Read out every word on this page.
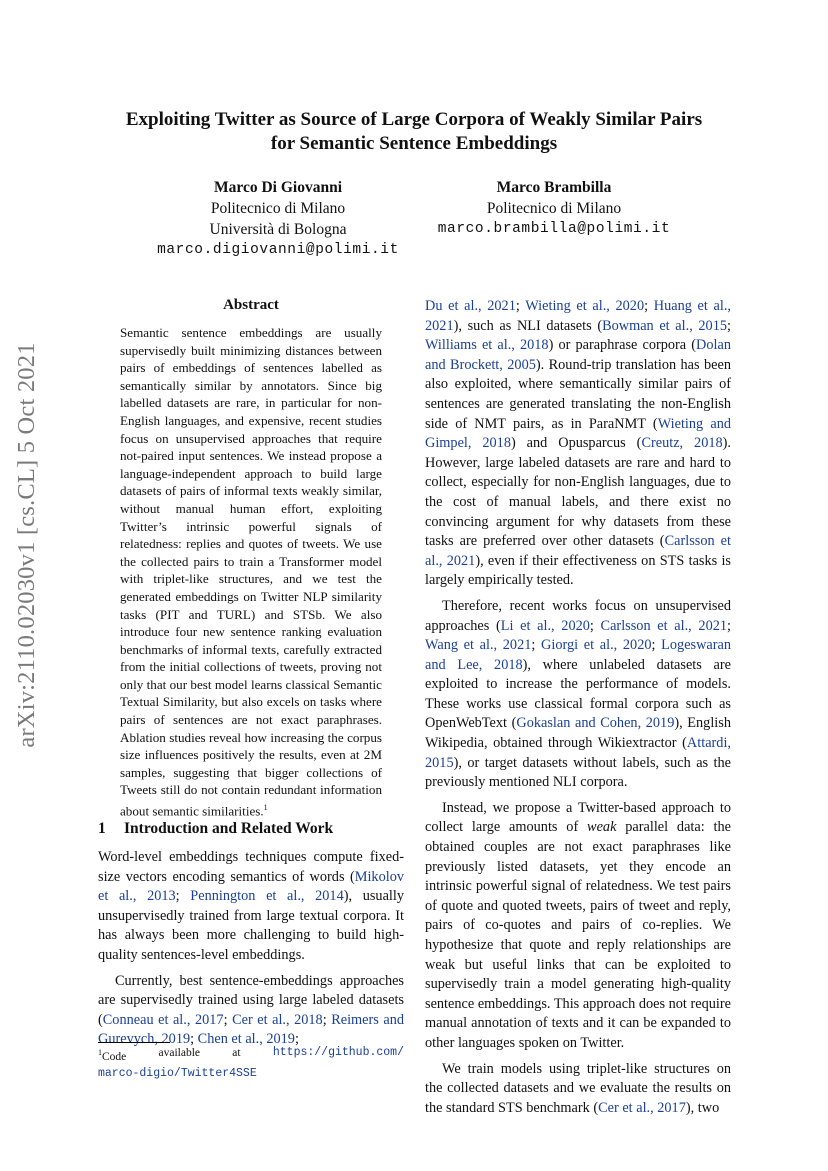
arXiv:2110.02030v1 [cs.CL] 5 Oct 2021
Exploiting Twitter as Source of Large Corpora of Weakly Similar Pairs
for Semantic Sentence Embeddings
Marco Di Giovanni
Politecnico di Milano
Università di Bologna
marco.digiovanni@polimi.it
Marco Brambilla
Politecnico di Milano
marco.brambilla@polimi.it
Abstract
Semantic sentence embeddings are usually supervisedly built minimizing distances between pairs of embeddings of sentences labelled as semantically similar by annotators. Since big labelled datasets are rare, in particular for non-English languages, and expensive, recent studies focus on unsupervised approaches that require not-paired input sentences. We instead propose a language-independent approach to build large datasets of pairs of informal texts weakly similar, without manual human effort, exploiting Twitter’s intrinsic powerful signals of relatedness: replies and quotes of tweets. We use the collected pairs to train a Transformer model with triplet-like structures, and we test the generated embeddings on Twitter NLP similarity tasks (PIT and TURL) and STSb. We also introduce four new sentence ranking evaluation benchmarks of informal texts, carefully extracted from the initial collections of tweets, proving not only that our best model learns classical Semantic Textual Similarity, but also excels on tasks where pairs of sentences are not exact paraphrases. Ablation studies reveal how increasing the corpus size influences positively the results, even at 2M samples, suggesting that bigger collections of Tweets still do not contain redundant information about semantic similarities.$^1$
1 Introduction and Related Work

Word-level embeddings techniques compute fixed-size vectors encoding semantics of words (Mikolov et al., 2013; Pennington et al., 2014), usually unsupervisedly trained from large textual corpora. It has always been more challenging to build high-quality sentences-level embeddings.

Currently, best sentence-embeddings approaches are supervisedly trained using large labeled datasets (Conneau et al., 2017; Cer et al., 2018; Reimers and Gurevych, 2019; Chen et al., 2019;

$^1$Code	available	at	https://github.com/
marco-digio/Twitter4SSE

Du et al., 2021; Wieting et al., 2020; Huang et al., 2021), such as NLI datasets (Bowman et al., 2015; Williams et al., 2018) or paraphrase corpora (Dolan and Brockett, 2005). Round-trip translation has been also exploited, where semantically similar pairs of sentences are generated translating the non-English side of NMT pairs, as in ParaNMT (Wieting and Gimpel, 2018) and Opusparcus (Creutz, 2018). However, large labeled datasets are rare and hard to collect, especially for non-English languages, due to the cost of manual labels, and there exist no convincing argument for why datasets from these tasks are preferred over other datasets (Carlsson et al., 2021), even if their effectiveness on STS tasks is largely empirically tested.

Therefore, recent works focus on unsupervised approaches (Li et al., 2020; Carlsson et al., 2021; Wang et al., 2021; Giorgi et al., 2020; Logeswaran and Lee, 2018), where unlabeled datasets are exploited to increase the performance of models. These works use classical formal corpora such as OpenWebText (Gokaslan and Cohen, 2019), English Wikipedia, obtained through Wikiextractor (Attardi, 2015), or target datasets without labels, such as the previously mentioned NLI corpora.

Instead, we propose a Twitter-based approach to collect large amounts of weak parallel data: the obtained couples are not exact paraphrases like previously listed datasets, yet they encode an intrinsic powerful signal of relatedness. We test pairs of quote and quoted tweets, pairs of tweet and reply, pairs of co-quotes and pairs of co-replies. We hypothesize that quote and reply relationships are weak but useful links that can be exploited to supervisedly train a model generating high-quality sentence embeddings. This approach does not require manual annotation of texts and it can be expanded to other languages spoken on Twitter.

We train models using triplet-like structures on the collected datasets and we evaluate the results on the standard STS benchmark (Cer et al., 2017), two
